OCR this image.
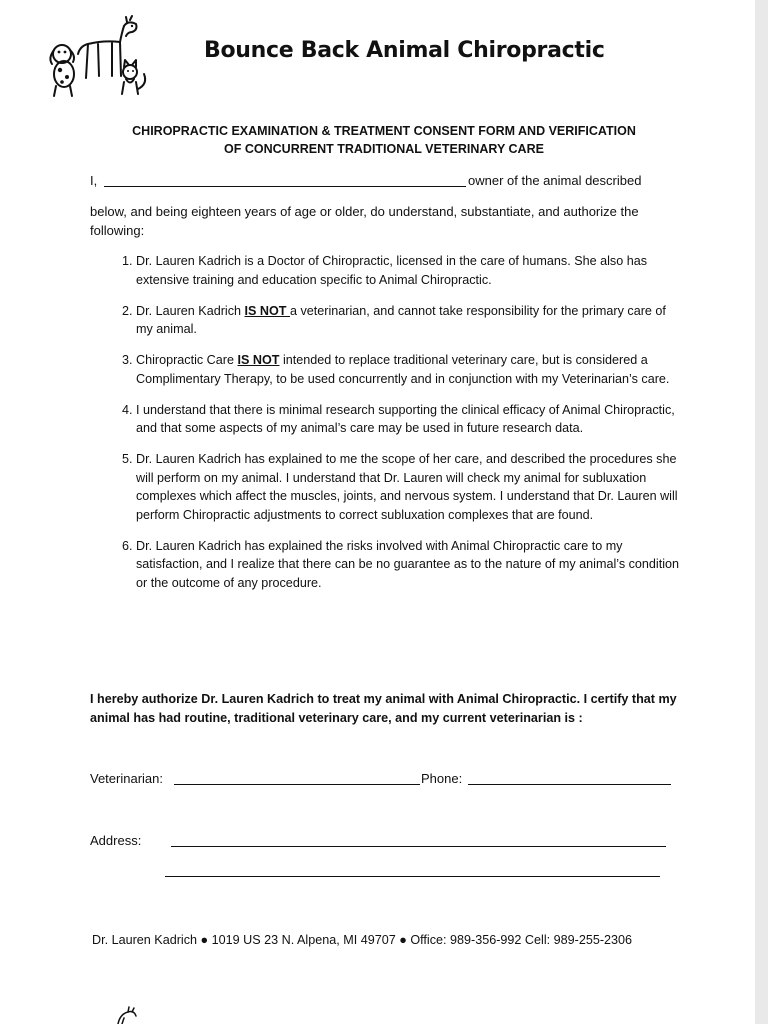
Bounce Back Animal Chiropractic
CHIROPRACTIC EXAMINATION & TREATMENT CONSENT FORM AND VERIFICATION
OF CONCURRENT TRADITIONAL VETERINARY CARE
I,	owner of the animal described
below, and being eighteen years of age or older, do understand, substantiate, and authorize the following:
1. Dr. Lauren Kadrich is a Doctor of Chiropractic, licensed in the care of humans. She also has extensive training and education specific to Animal Chiropractic.
2. Dr. Lauren Kadrich IS NOT a veterinarian, and cannot take responsibility for the primary care of my animal.
3. Chiropractic Care IS NOT intended to replace traditional veterinary care, but is considered a Complimentary Therapy, to be used concurrently and in conjunction with my Veterinarian’s care.
4. I understand that there is minimal research supporting the clinical efficacy of Animal Chiropractic, and that some aspects of my animal’s care may be used in future research data.
5. Dr. Lauren Kadrich has explained to me the scope of her care, and described the procedures she will perform on my animal. I understand that Dr. Lauren will check my animal for subluxation complexes which affect the muscles, joints, and nervous system. I understand that Dr. Lauren will perform Chiropractic adjustments to correct subluxation complexes that are found.
6. Dr. Lauren Kadrich has explained the risks involved with Animal Chiropractic care to my satisfaction, and I realize that there can be no guarantee as to the nature of my animal’s condition or the outcome of any procedure.
I hereby authorize Dr. Lauren Kadrich to treat my animal with Animal Chiropractic. I certify that my animal has had routine, traditional veterinary care, and my current veterinarian is :
Veterinarian:	Phone:
Address:
Dr. Lauren Kadrich ● 1019 US 23 N. Alpena, MI 49707 ● Office: 989-356-992 Cell: 989-255-2306
